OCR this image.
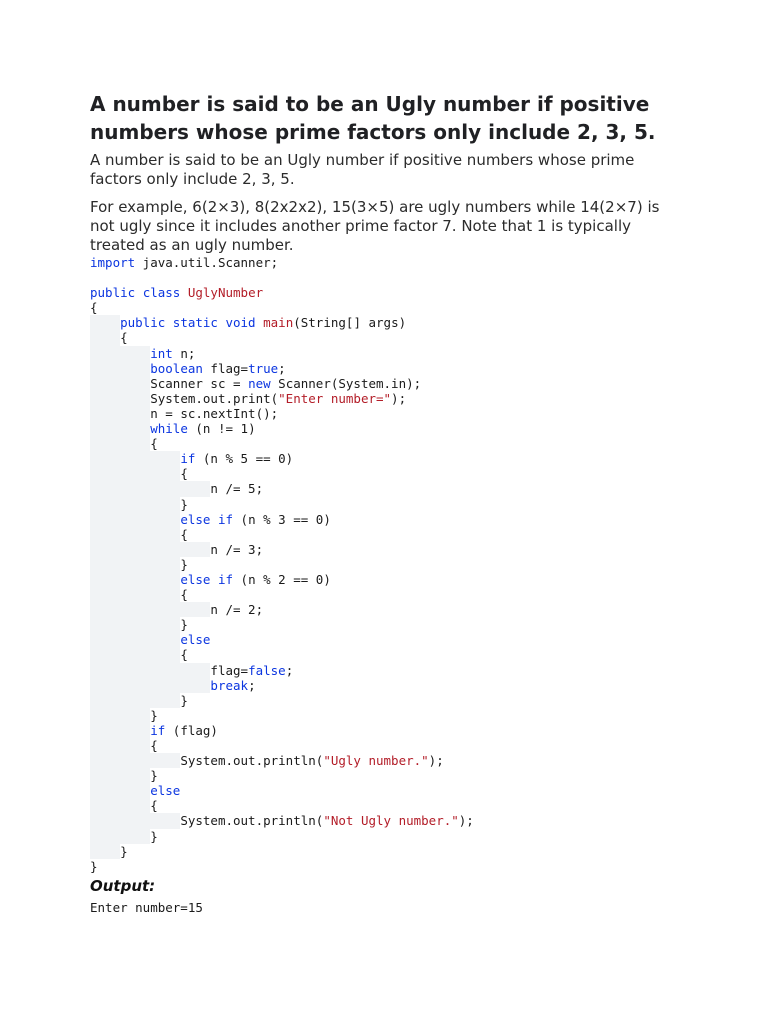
A number is said to be an Ugly number if positive numbers whose prime factors only include 2, 3, 5.

A number is said to be an Ugly number if positive numbers whose prime factors only include 2, 3, 5.

For example, 6(2×3), 8(2x2x2), 15(3×5) are ugly numbers while 14(2×7) is not ugly since it includes another prime factor 7. Note that 1 is typically treated as an ugly number.

import java.util.Scanner;
public class UglyNumber
{
public static void main(String[] args)
{
int n;
boolean flag=true;
Scanner sc = new Scanner(System.in);
System.out.print("Enter number=");
n = sc.nextInt();
while (n != 1)
{
if (n % 5 == 0)
{
n /= 5;
}
else if (n % 3 == 0)
{
n /= 3;
}
else if (n % 2 == 0)
{
n /= 2;
}
else
{
flag=false;
break;
}
}
if (flag)
{
System.out.println("Ugly number.");
}
else
{
System.out.println("Not Ugly number.");
}
}
}
Output:
Enter number=15
